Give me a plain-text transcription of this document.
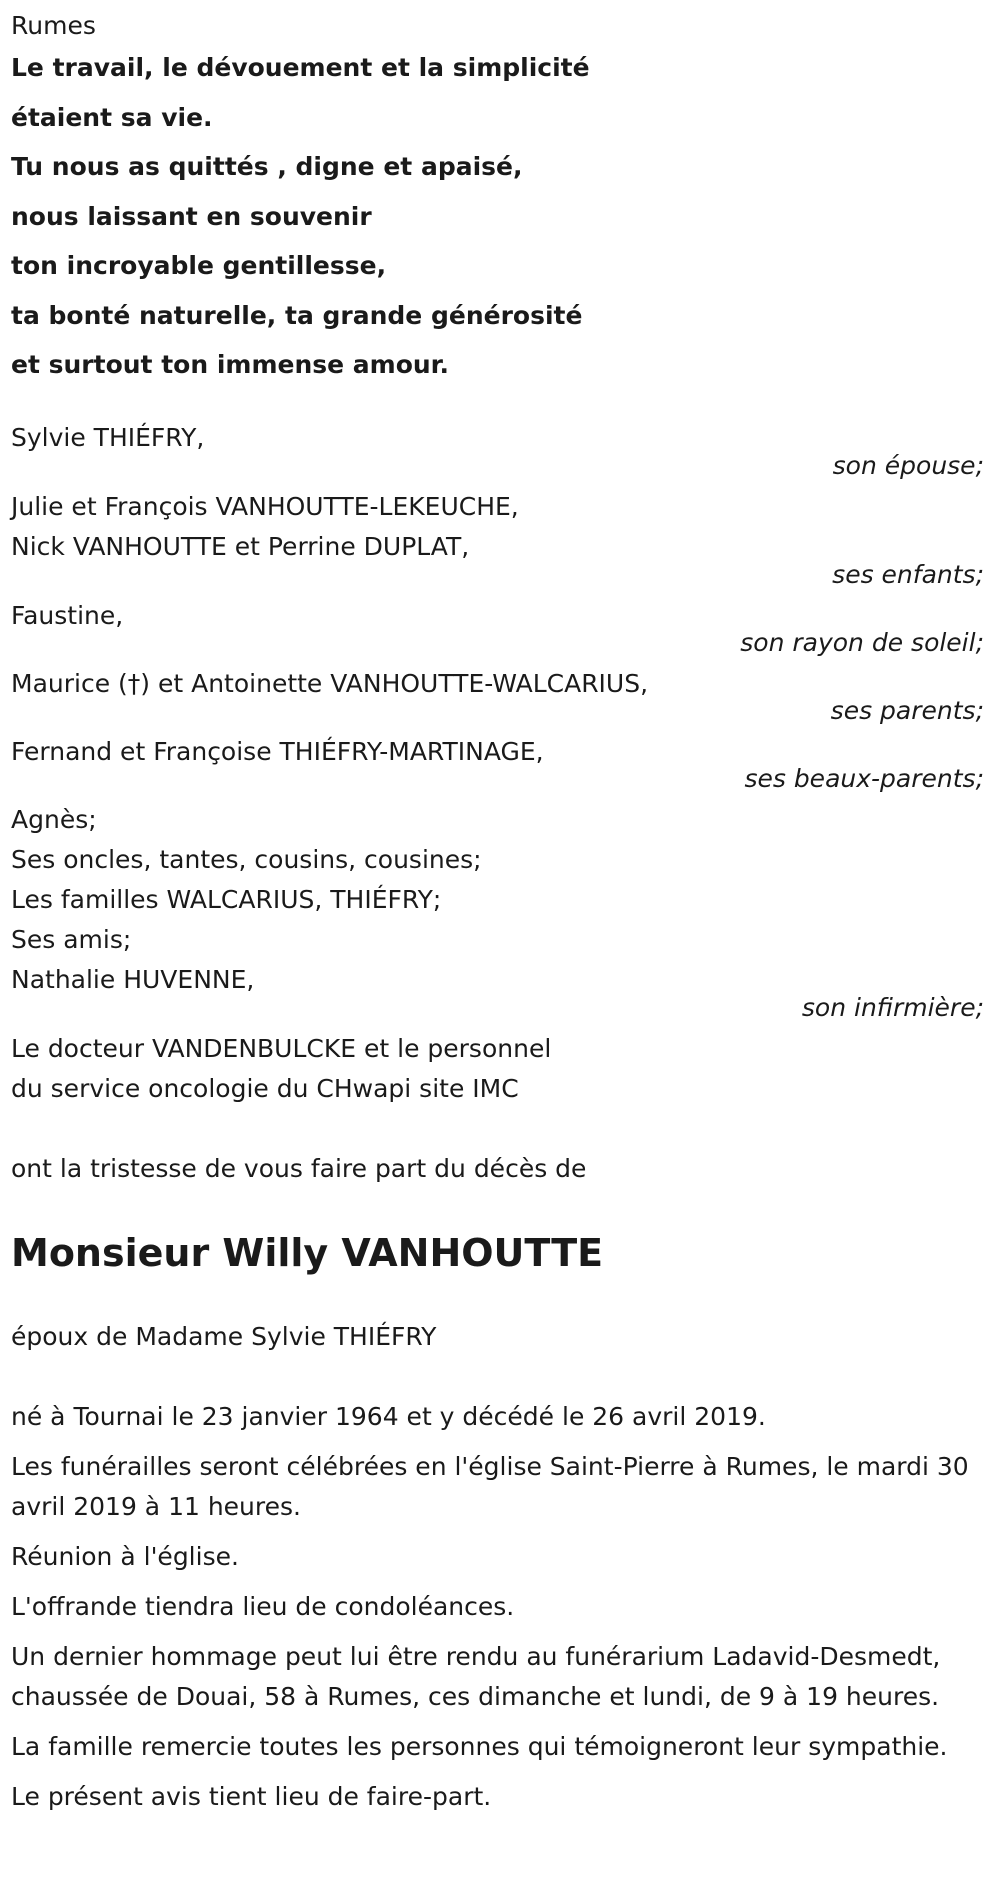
Rumes
Le travail, le dévouement et la simplicité
étaient sa vie.
Tu nous as quittés , digne et apaisé,
nous laissant en souvenir
ton incroyable gentillesse,
ta bonté naturelle, ta grande générosité
et surtout ton immense amour.
Sylvie THIÉFRY,
son épouse;
Julie et François VANHOUTTE-LEKEUCHE,
Nick VANHOUTTE et Perrine DUPLAT,
ses enfants;
Faustine,
son rayon de soleil;
Maurice (†) et Antoinette VANHOUTTE-WALCARIUS,
ses parents;
Fernand et Françoise THIÉFRY-MARTINAGE,
ses beaux-parents;
Agnès;
Ses oncles, tantes, cousins, cousines;
Les familles WALCARIUS, THIÉFRY;
Ses amis;
Nathalie HUVENNE,
son infirmière;
Le docteur VANDENBULCKE et le personnel
du service oncologie du CHwapi site IMC
ont la tristesse de vous faire part du décès de
Monsieur Willy VANHOUTTE
époux de Madame Sylvie THIÉFRY
né à Tournai le 23 janvier 1964 et y décédé le 26 avril 2019.
Les funérailles seront célébrées en l'église Saint-Pierre à Rumes, le mardi 30 avril 2019 à 11 heures.
Réunion à l'église.
L'offrande tiendra lieu de condoléances.
Un dernier hommage peut lui être rendu au funérarium Ladavid-Desmedt, chaussée de Douai, 58 à Rumes, ces dimanche et lundi, de 9 à 19 heures.
La famille remercie toutes les personnes qui témoigneront leur sympathie.
Le présent avis tient lieu de faire-part.
